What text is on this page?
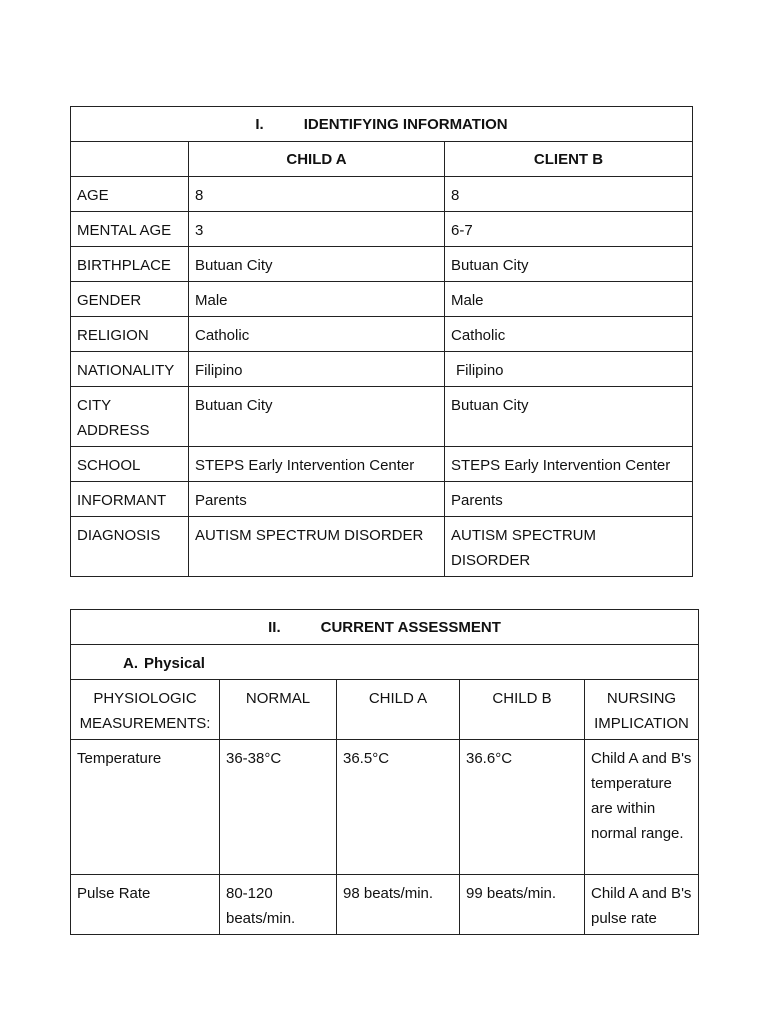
I. IDENTIFYING INFORMATION		
	CHILD A	CLIENT B
AGE	8	8
MENTAL AGE	3	6-7
BIRTHPLACE	Butuan City	Butuan City
GENDER	Male	Male
RELIGION	Catholic	Catholic
NATIONALITY	Filipino	Filipino
CITY ADDRESS	Butuan City	Butuan City
SCHOOL	STEPS Early Intervention Center	STEPS Early Intervention Center
INFORMANT	Parents	Parents
DIAGNOSIS	AUTISM SPECTRUM DISORDER	AUTISM SPECTRUM DISORDER
II. CURRENT ASSESSMENT				
A. Physical				
PHYSIOLOGIC MEASUREMENTS:	NORMAL	CHILD A	CHILD B	NURSING IMPLICATION
Temperature	36-38°C	36.5°C	36.6°C	Child A and B's temperature are within normal range.
Pulse Rate	80-120 beats/min.	98 beats/min.	99 beats/min.	Child A and B's pulse rate
